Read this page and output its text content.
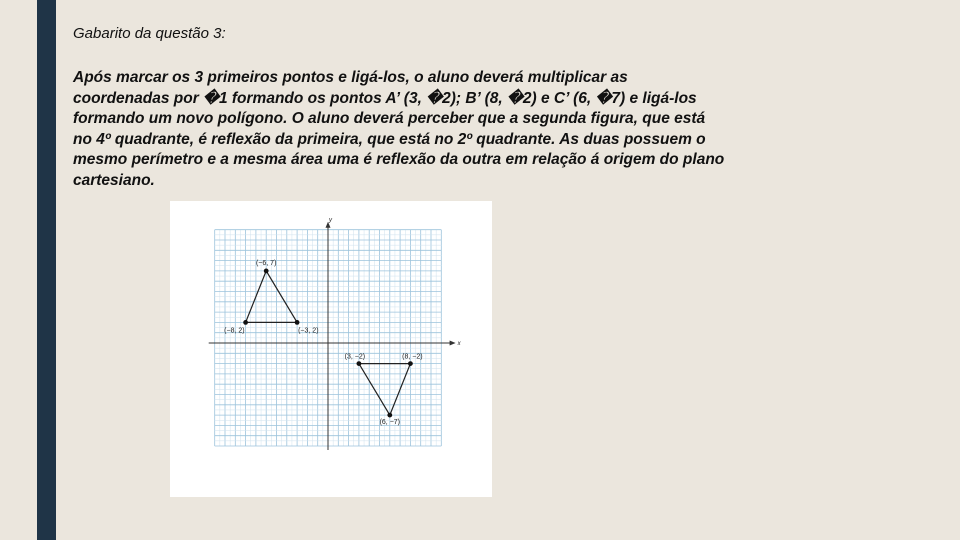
Gabarito da questão 3:

Após marcar os 3 primeiros pontos e ligá-los, o aluno deverá multiplicar as
coordenadas por �1 formando os pontos A’ (3, �2); B’ (8, �2) e C’ (6, �7) e ligá-los
formando um novo polígono. O aluno deverá perceber que a segunda figura, que está
no 4º quadrante, é reflexão da primeira, que está no 2º quadrante. As duas possuem o
mesmo perímetro e a mesma área uma é reflexão da outra em relação á origem do plano
cartesiano.

x
y
(−6, 7)
(−8, 2)	(−3, 2)
(3, −2)	(8, −2)
(6, −7)
